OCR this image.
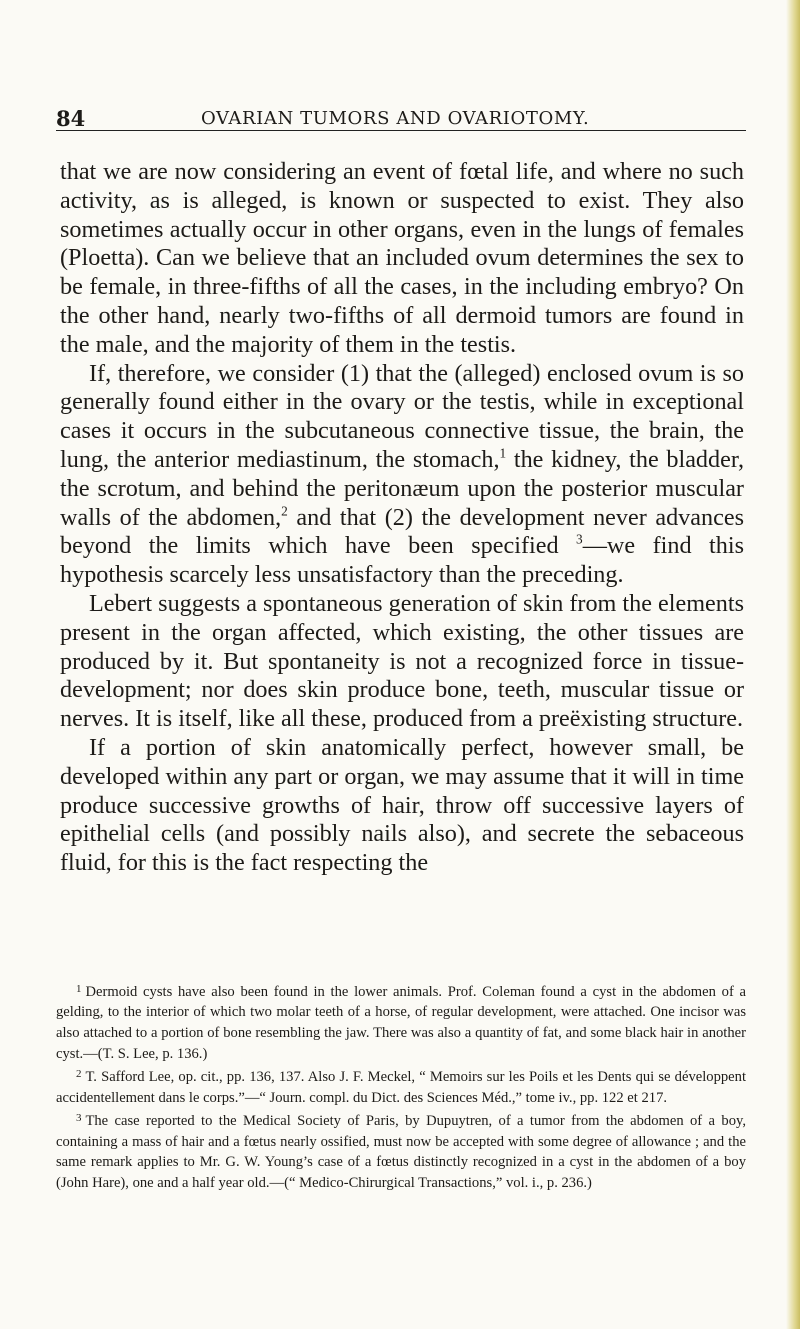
84	OVARIAN TUMORS AND OVARIOTOMY.

that we are now considering an event of fœtal life, and where no such activity, as is alleged, is known or suspected to exist. They also sometimes actually occur in other organs, even in the lungs of females (Ploetta). Can we believe that an included ovum determines the sex to be female, in three-fifths of all the cases, in the including embryo? On the other hand, nearly two-fifths of all dermoid tumors are found in the male, and the majority of them in the testis.

If, therefore, we consider (1) that the (alleged) enclosed ovum is so generally found either in the ovary or the testis, while in exceptional cases it occurs in the subcutaneous connective tissue, the brain, the lung, the anterior mediastinum, the stomach,$^1$ the kidney, the bladder, the scrotum, and behind the peritonæum upon the posterior muscular walls of the abdomen,$^2$ and that (2) the development never advances beyond the limits which have been specified $^3$—we find this hypothesis scarcely less unsatisfactory than the preceding.

Lebert suggests a spontaneous generation of skin from the elements present in the organ affected, which existing, the other tissues are produced by it. But spontaneity is not a recognized force in tissue-development; nor does skin produce bone, teeth, muscular tissue or nerves. It is itself, like all these, produced from a preëxisting structure.

If a portion of skin anatomically perfect, however small, be developed within any part or organ, we may assume that it will in time produce successive growths of hair, throw off successive layers of epithelial cells (and possibly nails also), and secrete the sebaceous fluid, for this is the fact respecting the

$^1$ Dermoid cysts have also been found in the lower animals. Prof. Coleman found a cyst in the abdomen of a gelding, to the interior of which two molar teeth of a horse, of regular development, were attached. One incisor was also attached to a portion of bone resembling the jaw. There was also a quantity of fat, and some black hair in another cyst.—(T. S. Lee, p. 136.)

$^2$ T. Safford Lee, op. cit., pp. 136, 137. Also J. F. Meckel, “ Memoirs sur les Poils et les Dents qui se développent accidentellement dans le corps.”—“ Journ. compl. du Dict. des Sciences Méd.,” tome iv., pp. 122 et 217.

$^3$ The case reported to the Medical Society of Paris, by Dupuytren, of a tumor from the abdomen of a boy, containing a mass of hair and a fœtus nearly ossified, must now be accepted with some degree of allowance ; and the same remark applies to Mr. G. W. Young’s case of a fœtus distinctly recognized in a cyst in the abdomen of a boy (John Hare), one and a half year old.—(“ Medico-Chirurgical Transactions,” vol. i., p. 236.)
